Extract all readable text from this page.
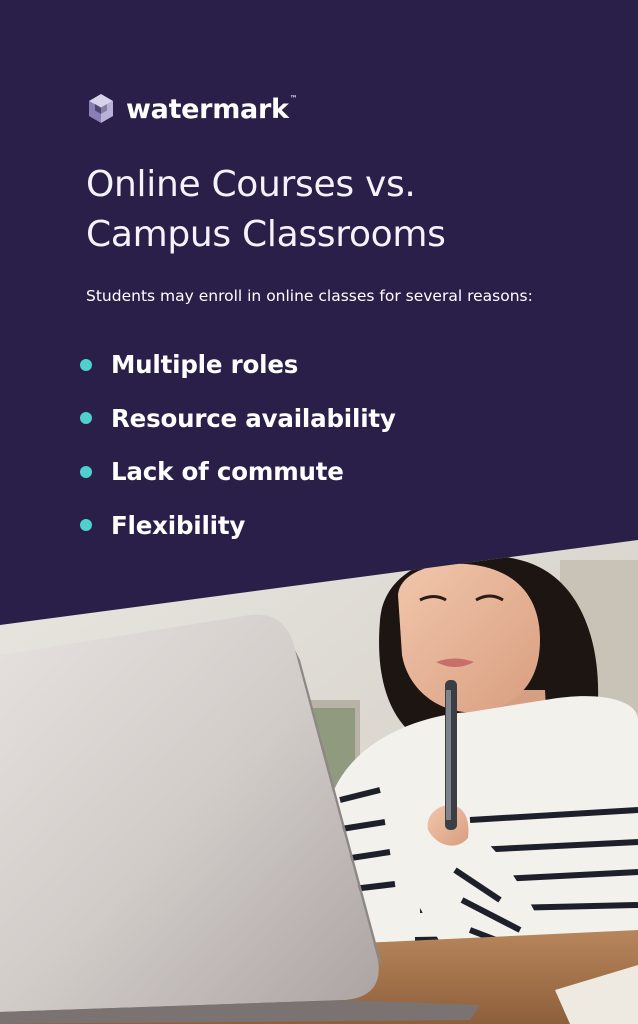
watermark™
Online Courses vs.
Campus Classrooms
Students may enroll in online classes for several reasons:
Multiple roles
Resource availability
Lack of commute
Flexibility
